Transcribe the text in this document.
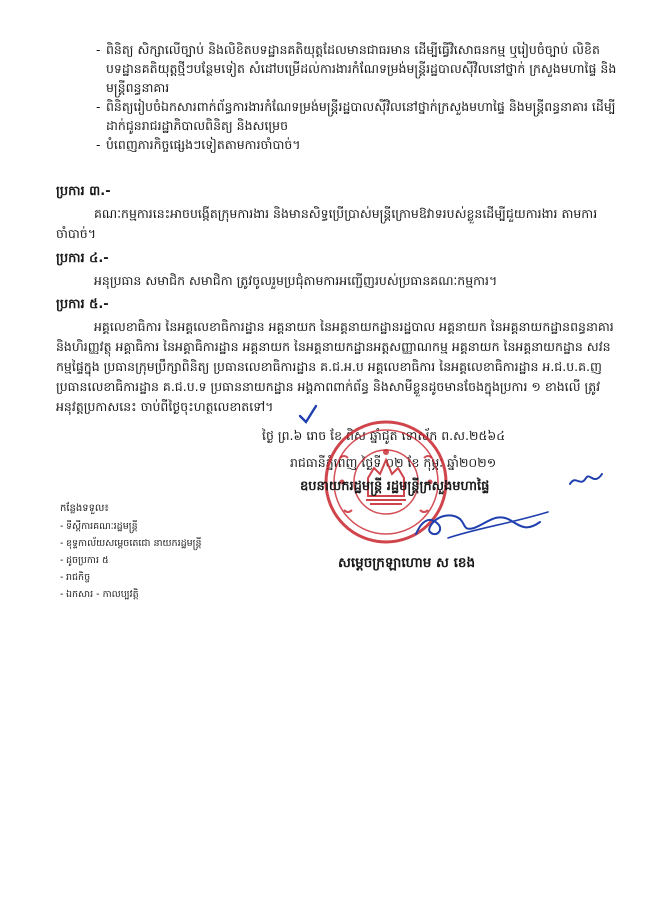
- ពិនិត្យ សិក្សាលើច្បាប់ និងលិខិតបទដ្ឋានគតិយុត្តដែលមានជាធរមាន ដើម្បីធ្វើវិសោធនកម្ម ឬរៀបចំច្បាប់ លិខិតបទដ្ឋានគតិយុត្តថ្មីៗបន្ថែមទៀត សំដៅបម្រើដល់ការងារកំណែទម្រង់មន្ត្រីរដ្ឋបាលស៊ីវិលនៅថ្នាក់ ក្រសួងមហាផ្ទៃ និងមន្ត្រីពន្ធនាគារ
- ពិនិត្យរៀបចំឯកសារពាក់ព័ន្ធការងារកំណែទម្រង់មន្ត្រីរដ្ឋបាលស៊ីវិលនៅថ្នាក់ក្រសួងមហាផ្ទៃ និងមន្ត្រីពន្ធនាគារ ដើម្បីដាក់ជូនរាជរដ្ឋាភិបាលពិនិត្យ និងសម្រេច
- បំពេញភារកិច្ចផ្សេងៗទៀតតាមការចាំបាច់។
ប្រការ ៣.-
គណៈកម្មការនេះអាចបង្កើតក្រុមការងារ និងមានសិទ្ធប្រើប្រាស់មន្ត្រីក្រោមឱវាទរបស់ខ្លួនដើម្បីជួយការងារ តាមការចាំបាច់។
ប្រការ ៤.-
អនុប្រធាន សមាជិក សមាជិកា ត្រូវចូលរួមប្រជុំតាមការអញ្ជើញរបស់ប្រធានគណៈកម្មការ។
ប្រការ ៥.-
អគ្គលេខាធិការ នៃអគ្គលេខាធិការដ្ឋាន អគ្គនាយក នៃអគ្គនាយកដ្ឋានរដ្ឋបាល អគ្គនាយក នៃអគ្គនាយកដ្ឋានពន្ធនាគារ និងហិរញ្ញវត្ថុ អគ្គាធិការ នៃអគ្គាធិការដ្ឋាន អគ្គនាយក នៃអគ្គនាយកដ្ឋានអត្តសញ្ញាណកម្ម អគ្គនាយក នៃអគ្គនាយកដ្ឋាន សវនកម្មផ្ទៃក្នុង ប្រធានក្រុមប្រឹក្សាពិនិត្យ ប្រធានលេខាធិការដ្ឋាន គ.ជ.អ.ប អគ្គលេខាធិការ នៃអគ្គលេខាធិការដ្ឋាន អ.ជ.ប.គ.ញ ប្រធានលេខាធិការដ្ឋាន គ.ជ.ប.ទ ប្រធាននាយកដ្ឋាន អង្គភាពពាក់ព័ន្ធ និងសាមីខ្លួនដូចមានចែងក្នុងប្រការ ១ ខាងលើ ត្រូវអនុវត្តប្រកាសនេះ ចាប់ពីថ្ងៃចុះហត្ថលេខាតទៅ។
ថ្ងៃ ព្រ.៦ រោច ខែ ពិស ឆ្នាំជូត ទោស័ក ព.ស.២៥៦៤
រាជធានីភ្នំពេញ ថ្ងៃទី ០២ ខែ កុម្ភៈ ឆ្នាំ២០២១
ឧបនាយករដ្ឋមន្ត្រី រដ្ឋមន្ត្រីក្រសួងមហាផ្ទៃ
សម្តេចក្រឡាហោម ស ខេង
កន្លែងទទួល៖
- ទីស្តីការគណៈរដ្ឋមន្ត្រី
- ខុទ្ទកាល័យសម្តេចតេជោ នាយករដ្ឋមន្ត្រី
- ដូចប្រការ ៥
- រាជកិច្ច
- ឯកសារ - កាលប្បវត្តិ
